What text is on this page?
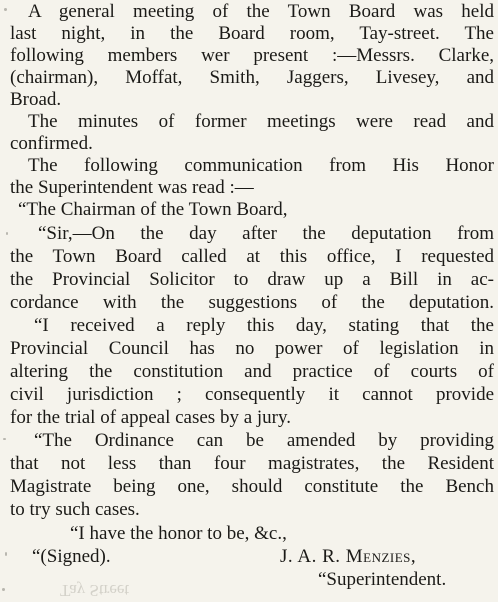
A general meeting of the Town Board was held
last night, in the Board room, Tay-street. The
following members wer present :—Messrs. Clarke,
(chairman), Moffat, Smith, Jaggers, Livesey, and
Broad.
The minutes of former meetings were read and
confirmed.
The following communication from His Honor
the Superintendent was read :—
“The Chairman of the Town Board,
“Sir,—On the day after the deputation from
the Town Board called at this office, I requested
the Provincial Solicitor to draw up a Bill in ac-
cordance with the suggestions of the deputation.
“I received a reply this day, stating that the
Provincial Council has no power of legislation in
altering the constitution and practice of courts of
civil jurisdiction ; consequently it cannot provide
for the trial of appeal cases by a jury.
“The Ordinance can be amended by providing
that not less than four magistrates, the Resident
Magistrate being one, should constitute the Bench
to try such cases.
“I have the honor to be, &c.,
“(Signed).	J. A. R. Menzies,
“Superintendent.
Tay Street
